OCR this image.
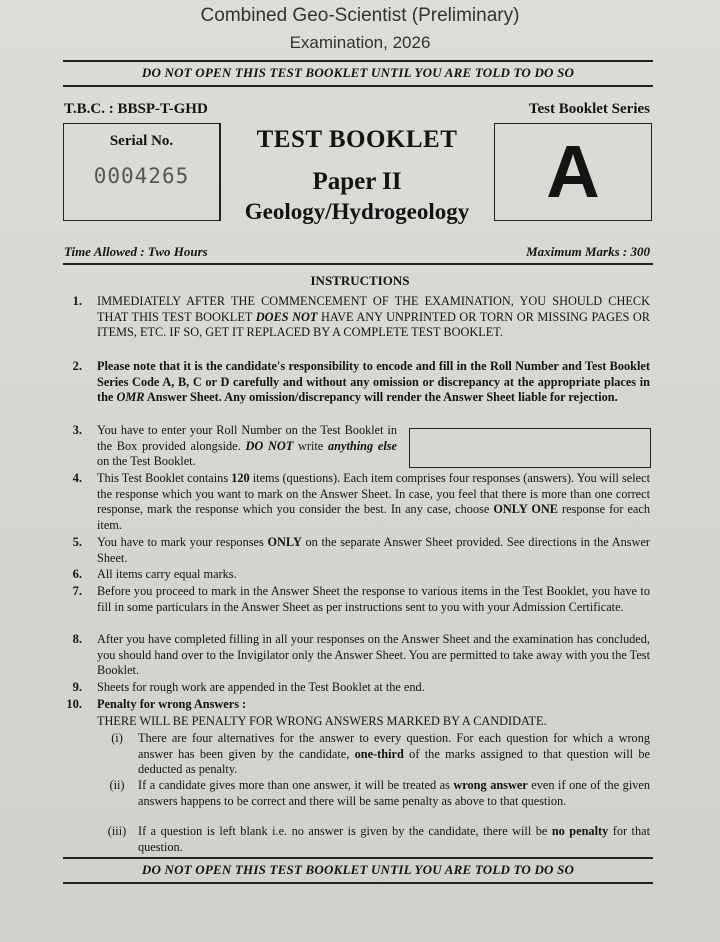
Combined Geo-Scientist (Preliminary)
Examination, 2026
DO NOT OPEN THIS TEST BOOKLET UNTIL YOU ARE TOLD TO DO SO
T.B.C. : BBSP-T-GHD	Test Booklet Series
Serial No.
0004265
TEST BOOKLET
Paper II
Geology/Hydrogeology	A
Time Allowed : Two Hours	Maximum Marks : 300
INSTRUCTIONS
1. IMMEDIATELY AFTER THE COMMENCEMENT OF THE EXAMINATION, YOU SHOULD CHECK THAT THIS TEST BOOKLET DOES NOT HAVE ANY UNPRINTED OR TORN OR MISSING PAGES OR ITEMS, ETC. IF SO, GET IT REPLACED BY A COMPLETE TEST BOOKLET.
2. Please note that it is the candidate's responsibility to encode and fill in the Roll Number and Test Booklet Series Code A, B, C or D carefully and without any omission or discrepancy at the appropriate places in the OMR Answer Sheet. Any omission/discrepancy will render the Answer Sheet liable for rejection.
3. You have to enter your Roll Number on the Test Booklet in the Box provided alongside. DO NOT write anything else on the Test Booklet.
4. This Test Booklet contains 120 items (questions). Each item comprises four responses (answers). You will select the response which you want to mark on the Answer Sheet. In case, you feel that there is more than one correct response, mark the response which you consider the best. In any case, choose ONLY ONE response for each item.
5. You have to mark your responses ONLY on the separate Answer Sheet provided. See directions in the Answer Sheet.
6. All items carry equal marks.
7. Before you proceed to mark in the Answer Sheet the response to various items in the Test Booklet, you have to fill in some particulars in the Answer Sheet as per instructions sent to you with your Admission Certificate.
8. After you have completed filling in all your responses on the Answer Sheet and the examination has concluded, you should hand over to the Invigilator only the Answer Sheet. You are permitted to take away with you the Test Booklet.
9. Sheets for rough work are appended in the Test Booklet at the end.
10. Penalty for wrong Answers :
THERE WILL BE PENALTY FOR WRONG ANSWERS MARKED BY A CANDIDATE.
(i)	There are four alternatives for the answer to every question. For each question for which a wrong answer has been given by the candidate, one-third of the marks assigned to that question will be deducted as penalty.
(ii)	If a candidate gives more than one answer, it will be treated as wrong answer even if one of the given answers happens to be correct and there will be same penalty as above to that question.
(iii) If a question is left blank i.e. no answer is given by the candidate, there will be no penalty for that question.
DO NOT OPEN THIS TEST BOOKLET UNTIL YOU ARE TOLD TO DO SO
